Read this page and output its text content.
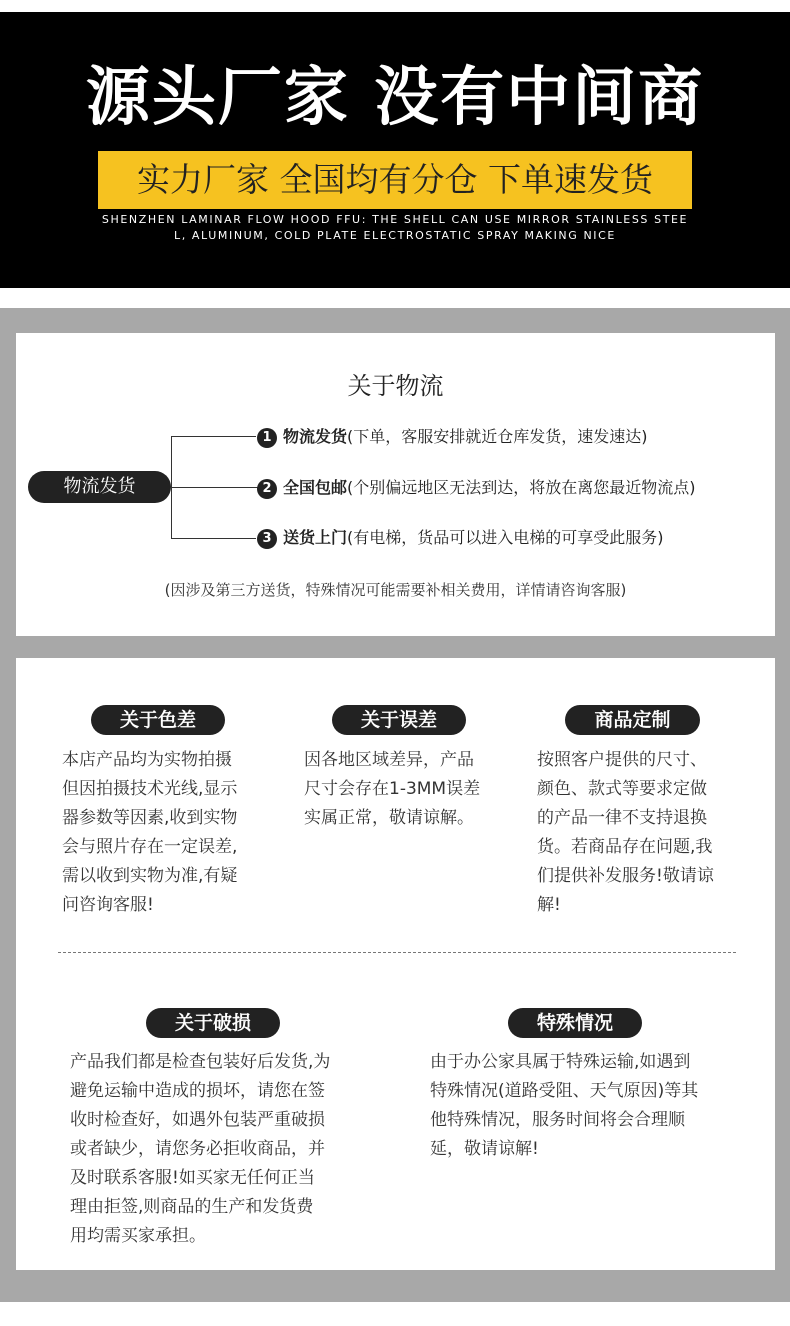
源头厂家 没有中间商
实力厂家 全国均有分仓 下单速发货
SHENZHEN LAMINAR FLOW HOOD FFU: THE SHELL CAN USE MIRROR STAINLESS STEE
L, ALUMINUM, COLD PLATE ELECTROSTATIC SPRAY MAKING NICE
关于物流
物流发货
1 物流发货(下单，客服安排就近仓库发货，速发速达)
2 全国包邮(个别偏远地区无法到达，将放在离您最近物流点)
3 送货上门(有电梯，货品可以进入电梯的可享受此服务)
(因涉及第三方送货，特殊情况可能需要补相关费用，详情请咨询客服)
关于色差
本店产品均为实物拍摄
但因拍摄技术光线,显示
器参数等因素,收到实物
会与照片存在一定误差,
需以收到实物为准,有疑
问咨询客服!
关于误差
因各地区域差异，产品
尺寸会存在1-3MM误差
实属正常，敬请谅解。
商品定制
按照客户提供的尺寸、
颜色、款式等要求定做
的产品一律不支持退换
货。若商品存在问题,我
们提供补发服务!敬请谅
解!
关于破损
产品我们都是检查包装好后发货,为
避免运输中造成的损坏，请您在签
收时检查好，如遇外包装严重破损
或者缺少，请您务必拒收商品，并
及时联系客服!如买家无任何正当
理由拒签,则商品的生产和发货费
用均需买家承担。
特殊情况
由于办公家具属于特殊运输,如遇到
特殊情况(道路受阻、天气原因)等其
他特殊情况，服务时间将会合理顺
延，敬请谅解!
